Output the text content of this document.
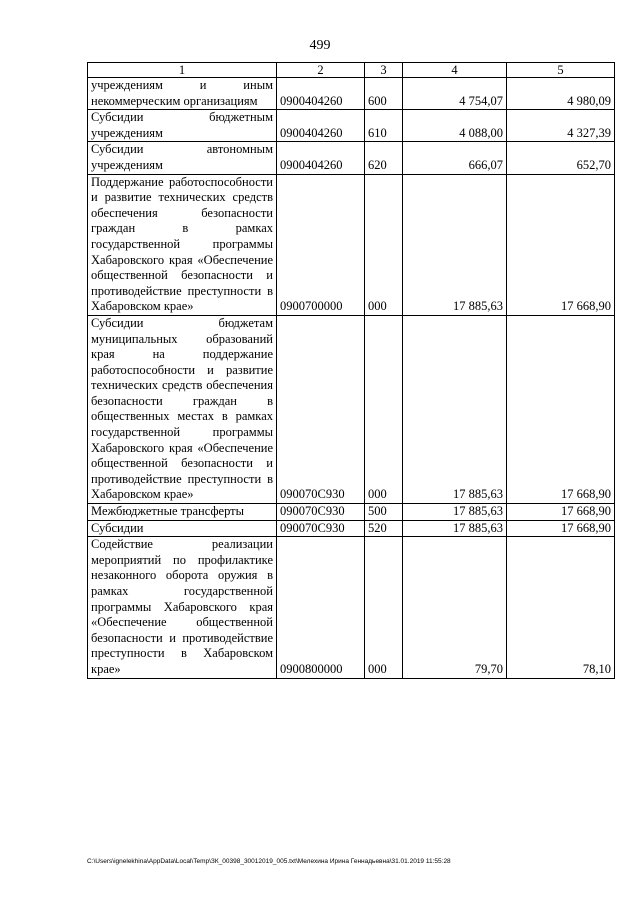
499
1	2	3	4	5
учреждениям и иным некоммерческим организациям	0900404260	600	4 754,07	4 980,09
Субсидии бюджетным учреждениям	0900404260	610	4 088,00	4 327,39
Субсидии автономным учреждениям	0900404260	620	666,07	652,70
Поддержание работоспособности и развитие технических средств обеспечения безопасности граждан в рамках государственной программы Хабаровского края «Обеспечение общественной безопасности и противодействие преступности в Хабаровском крае»	0900700000	000	17 885,63	17 668,90
Субсидии бюджетам муниципальных образований края на поддержание работоспособности и развитие технических средств обеспечения безопасности граждан в общественных местах в рамках государственной программы Хабаровского края «Обеспечение общественной безопасности и противодействие преступности в Хабаровском крае»	090070С930	000	17 885,63	17 668,90
Межбюджетные трансферты	090070С930	500	17 885,63	17 668,90
Субсидии	090070С930	520	17 885,63	17 668,90
Содействие реализации мероприятий по профилактике незаконного оборота оружия в рамках государственной программы Хабаровского края «Обеспечение общественной безопасности и противодействие преступности в Хабаровском крае»	0900800000	000	79,70	78,10
C:\Users\ignelekhina\AppData\Local\Temp\ЗК_00398_30012019_005.txt\Мелехина Ирина Геннадьевна\31.01.2019 11:55:28
